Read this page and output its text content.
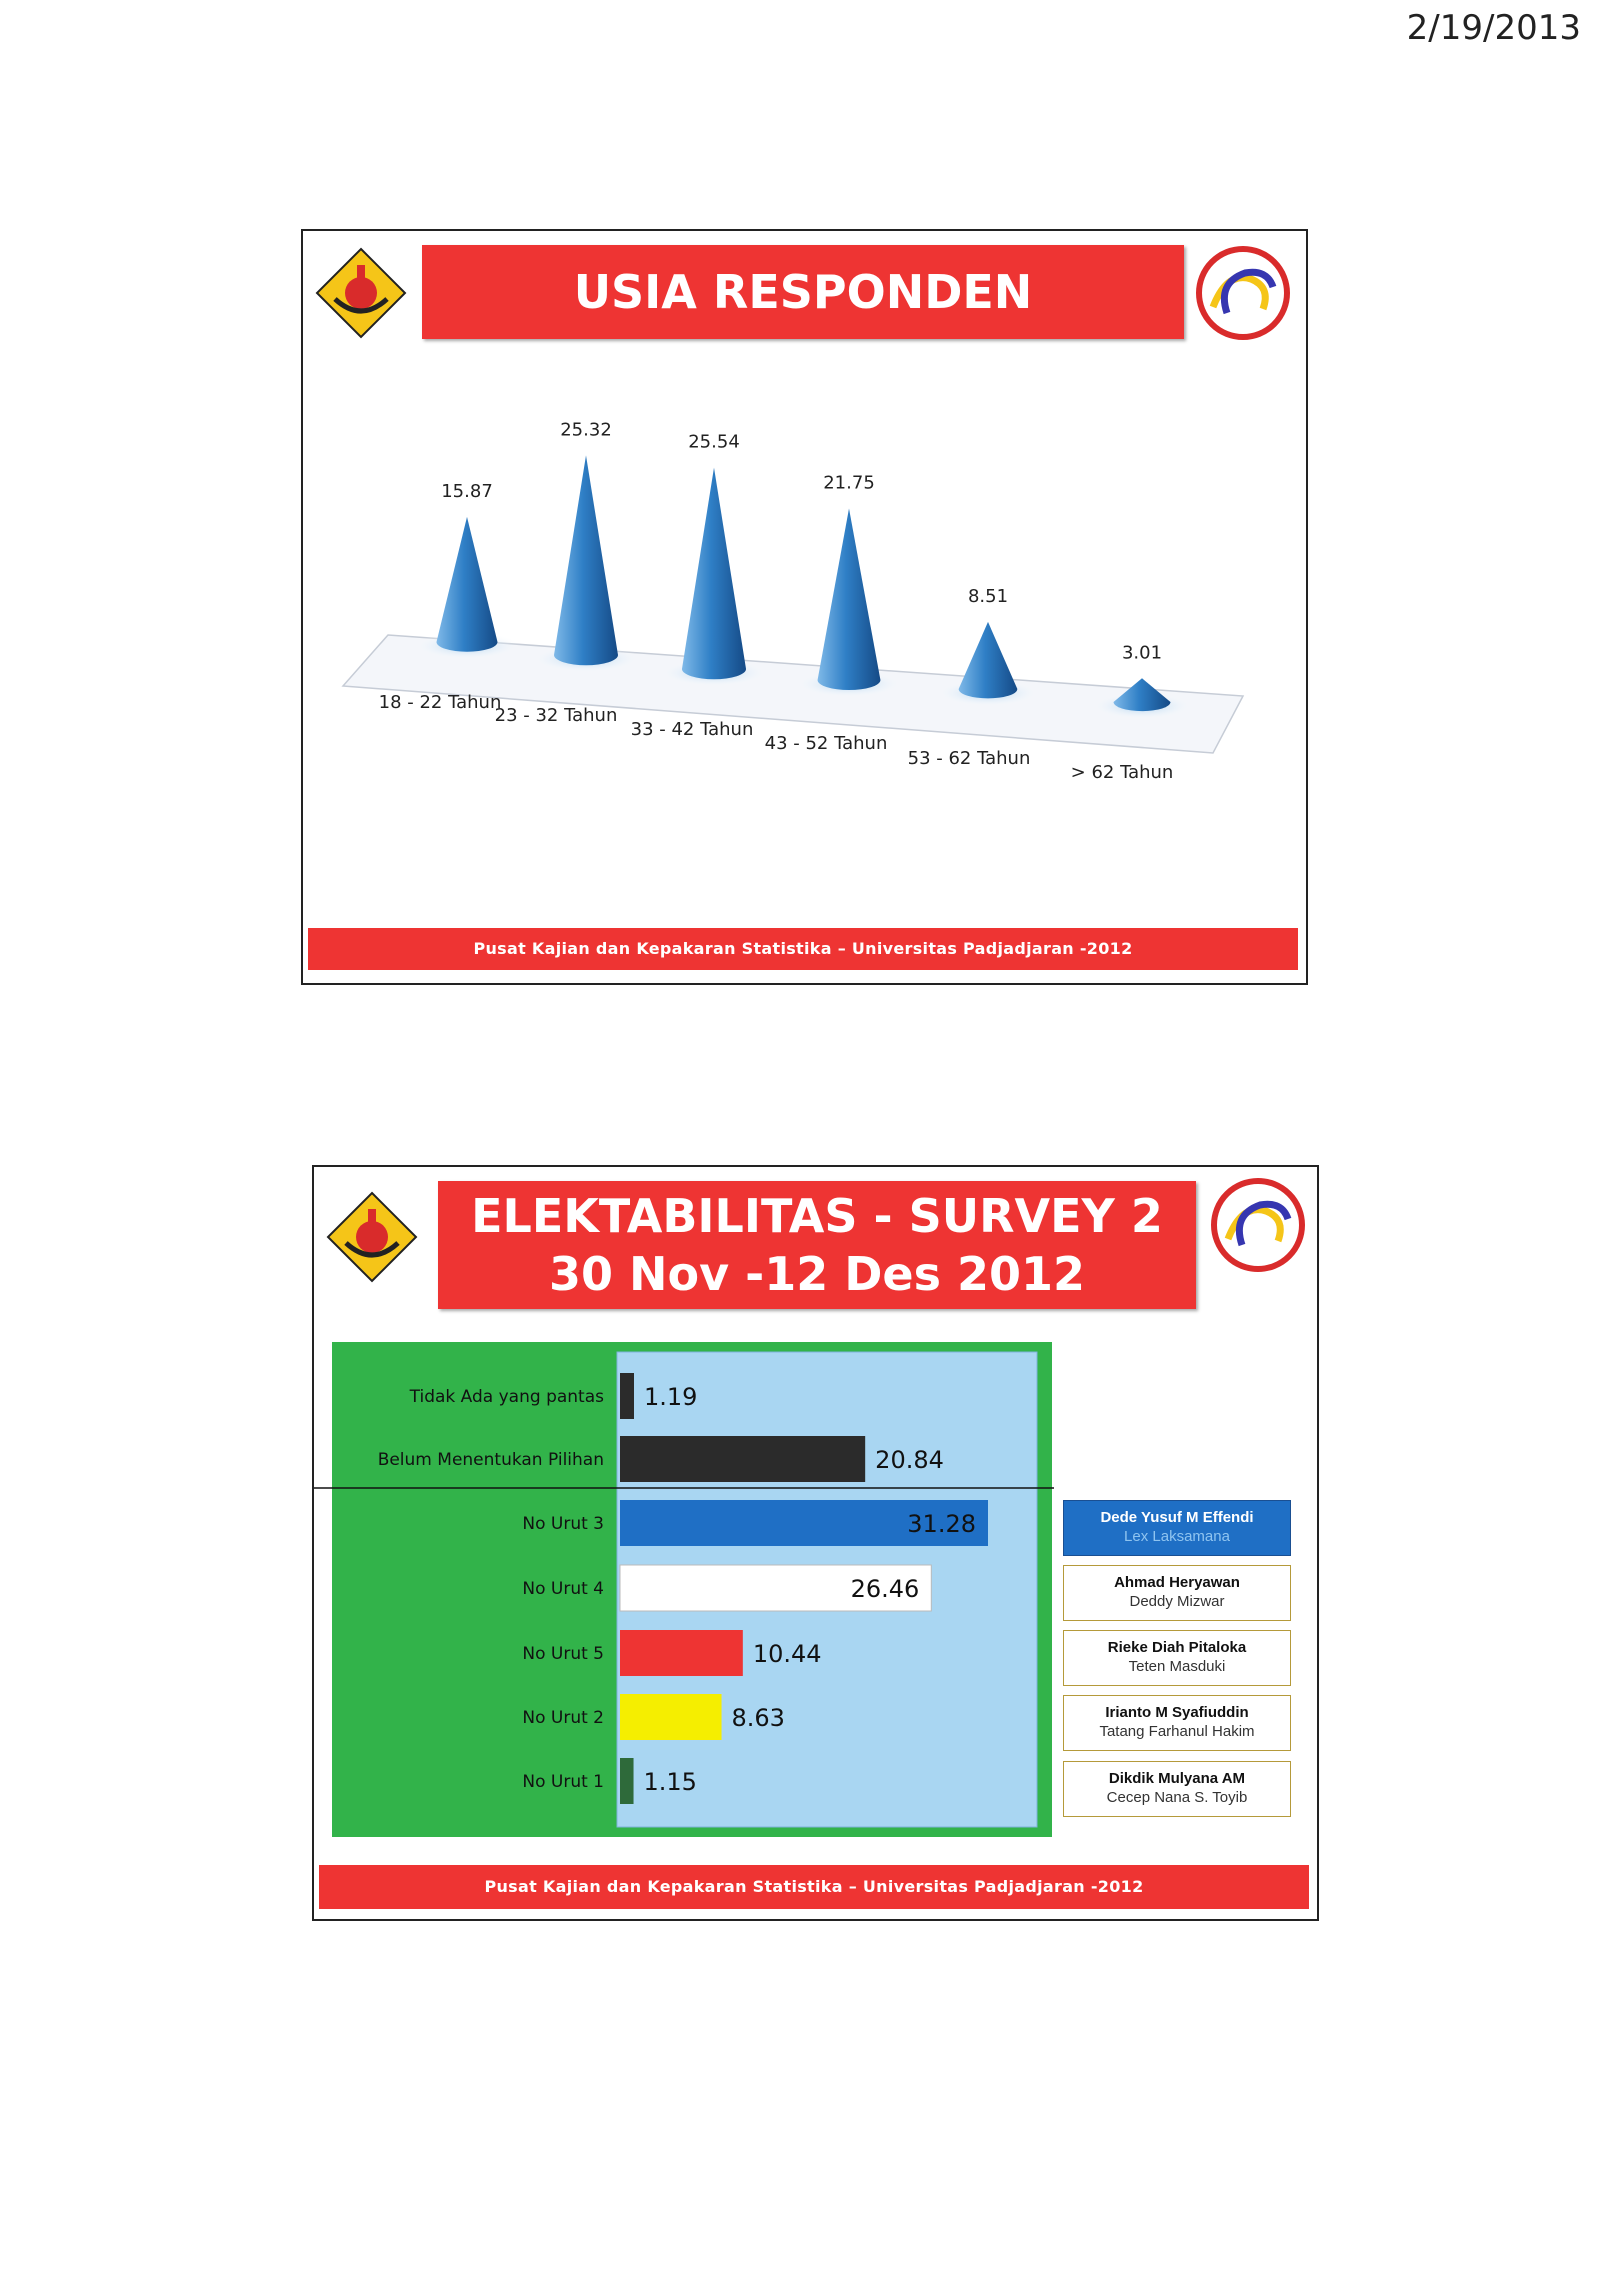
2/19/2013
USIA RESPONDEN
15.87
25.32
25.54
21.75
8.51
3.01
18 - 22 Tahun
23 - 32 Tahun
33 - 42 Tahun
43 - 52 Tahun
53 - 62 Tahun
> 62 Tahun
Pusat Kajian dan Kepakaran Statistika – Universitas Padjadjaran -2012
ELEKTABILITAS - SURVEY 2
30 Nov -12 Des 2012
1.19
Tidak Ada yang pantas
20.84
Belum Menentukan Pilihan
31.28
No Urut 3
26.46
No Urut 4
10.44
No Urut 5
8.63
No Urut 2
1.15
No Urut 1
Dede Yusuf M Effendi
Lex Laksamana
Ahmad Heryawan
Deddy Mizwar
Rieke Diah Pitaloka
Teten Masduki
Irianto M Syafiuddin
Tatang Farhanul Hakim
Dikdik Mulyana AM
Cecep Nana S. Toyib
Pusat Kajian dan Kepakaran Statistika – Universitas Padjadjaran -2012
